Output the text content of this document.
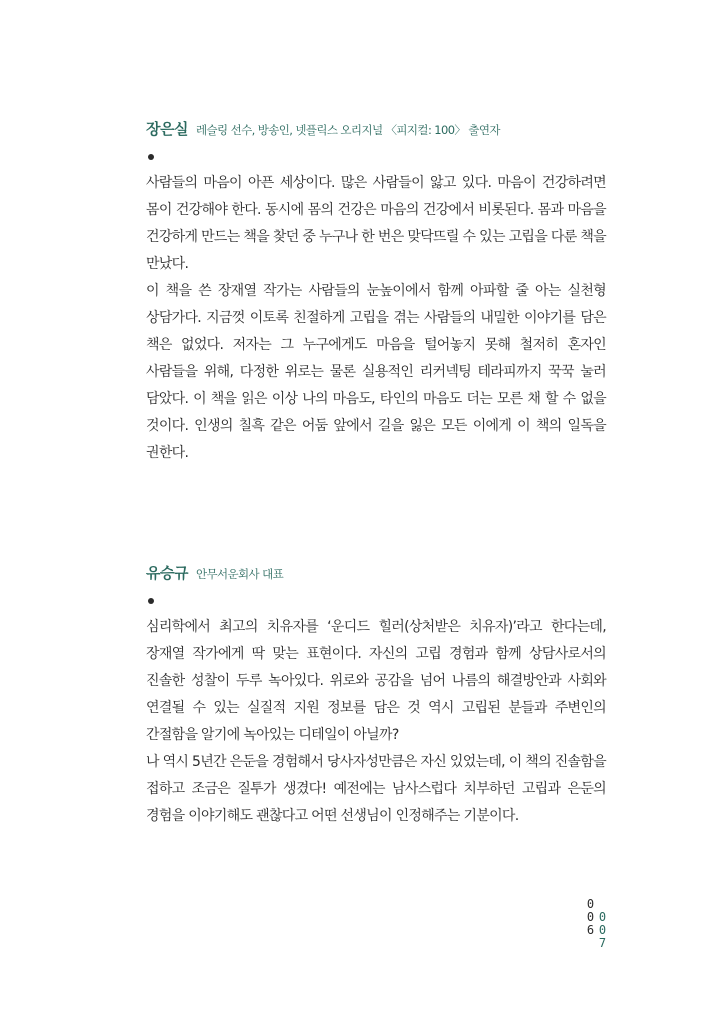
장은실 레슬링 선수, 방송인, 넷플릭스 오리지널 〈피지컬: 100〉 출연자

사람들의 마음이 아픈 세상이다. 많은 사람들이 앓고 있다. 마음이 건강하려면 몸이 건강해야 한다. 동시에 몸의 건강은 마음의 건강에서 비롯된다. 몸과 마음을 건강하게 만드는 책을 찾던 중 누구나 한 번은 맞닥뜨릴 수 있는 고립을 다룬 책을 만났다.

이 책을 쓴 장재열 작가는 사람들의 눈높이에서 함께 아파할 줄 아는 실천형 상담가다. 지금껏 이토록 친절하게 고립을 겪는 사람들의 내밀한 이야기를 담은 책은 없었다. 저자는 그 누구에게도 마음을 털어놓지 못해 철저히 혼자인 사람들을 위해, 다정한 위로는 물론 실용적인 리커넥팅 테라피까지 꾹꾹 눌러 담았다. 이 책을 읽은 이상 나의 마음도, 타인의 마음도 더는 모른 채 할 수 없을 것이다. 인생의 칠흑 같은 어둠 앞에서 길을 잃은 모든 이에게 이 책의 일독을 권한다.

유승규 안무서운회사 대표

심리학에서 최고의 치유자를 ‘운디드 힐러(상처받은 치유자)’라고 한다는데, 장재열 작가에게 딱 맞는 표현이다. 자신의 고립 경험과 함께 상담사로서의 진솔한 성찰이 두루 녹아있다. 위로와 공감을 넘어 나름의 해결방안과 사회와 연결될 수 있는 실질적 지원 정보를 담은 것 역시 고립된 분들과 주변인의 간절함을 알기에 녹아있는 디테일이 아닐까?

나 역시 5년간 은둔을 경험해서 당사자성만큼은 자신 있었는데, 이 책의 진솔함을 접하고 조금은 질투가 생겼다! 예전에는 남사스럽다 치부하던 고립과 은둔의 경험을 이야기해도 괜찮다고 어떤 선생님이 인정해주는 기분이다.

0
0
6
0
0
7
